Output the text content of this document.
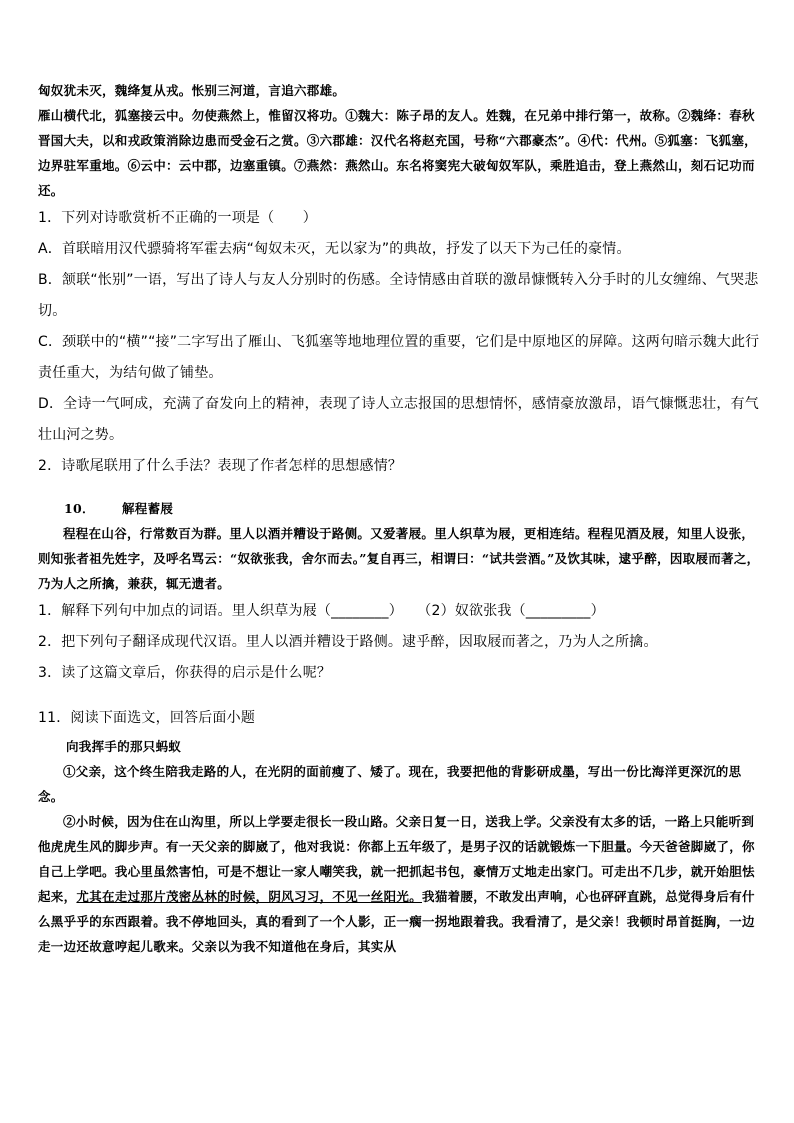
匈奴犹未灭，魏绛复从戎。怅别三河道，言追六郡雄。

雁山横代北，狐塞接云中。勿使燕然上，惟留汉将功。①魏大：陈子昂的友人。姓魏，在兄弟中排行第一，故称。②魏绛：春秋晋国大夫，以和戎政策消除边患而受金石之赏。③六郡雄：汉代名将赵充国，号称“六郡豪杰”。④代：代州。⑤狐塞：飞狐塞，边界驻军重地。⑥云中：云中郡，边塞重镇。⑦燕然：燕然山。东名将窦宪大破匈奴军队，乘胜追击，登上燕然山，刻石记功而还。

1．下列对诗歌赏析不正确的一项是（　　）

A．首联暗用汉代骠骑将军霍去病“匈奴未灭，无以家为”的典故，抒发了以天下为己任的豪情。

B．颔联“怅别”一语，写出了诗人与友人分别时的伤感。全诗情感由首联的激昂慷慨转入分手时的儿女缠绵、气哭悲切。

C．颈联中的“横”“接”二字写出了雁山、飞狐塞等地地理位置的重要，它们是中原地区的屏障。这两句暗示魏大此行责任重大，为结句做了铺垫。

D．全诗一气呵成，充满了奋发向上的精神，表现了诗人立志报国的思想情怀，感情豪放激昂，语气慷慨悲壮，有气壮山河之势。

2．诗歌尾联用了什么手法？表现了作者怎样的思想感情？

10． 解程蓄屐

程程在山谷，行常数百为群。里人以酒并糟设于路侧。又爱著屐。里人织草为屐，更相连结。程程见酒及屐，知里人设张，则知张者祖先姓字，及呼名骂云：“奴欲张我，舍尔而去。”复自再三，相谓曰：“试共尝酒。”及饮其味，逮乎醉，因取屐而著之，乃为人之所擒，兼获，辄无遗者。

1．解释下列句中加点的词语。里人织草为屐（________）　　（2）奴欲张我（_________）

2．把下列句子翻译成现代汉语。里人以酒并糟设于路侧。逮乎醉，因取屐而著之，乃为人之所擒。

3．读了这篇文章后，你获得的启示是什么呢？

11．阅读下面选文，回答后面小题

向我挥手的那只蚂蚁

①父亲，这个终生陪我走路的人，在光阴的面前瘦了、矮了。现在，我要把他的背影研成墨，写出一份比海洋更深沉的思念。

②小时候，因为住在山沟里，所以上学要走很长一段山路。父亲日复一日，送我上学。父亲没有太多的话，一路上只能听到他虎虎生风的脚步声。有一天父亲的脚崴了，他对我说：你都上五年级了，是男子汉的话就锻炼一下胆量。今天爸爸脚崴了，你自己上学吧。我心里虽然害怕，可是不想让一家人嘲笑我，就一把抓起书包，豪情万丈地走出家门。可走出不几步，就开始胆怯起来，尤其在走过那片茂密丛林的时候，阴风习习，不见一丝阳光。我猫着腰，不敢发出声响，心也砰砰直跳，总觉得身后有什么黑乎乎的东西跟着。我不停地回头，真的看到了一个人影，正一瘸一拐地跟着我。我看清了，是父亲！我顿时昂首挺胸，一边走一边还故意哼起儿歌来。父亲以为我不知道他在身后，其实从
